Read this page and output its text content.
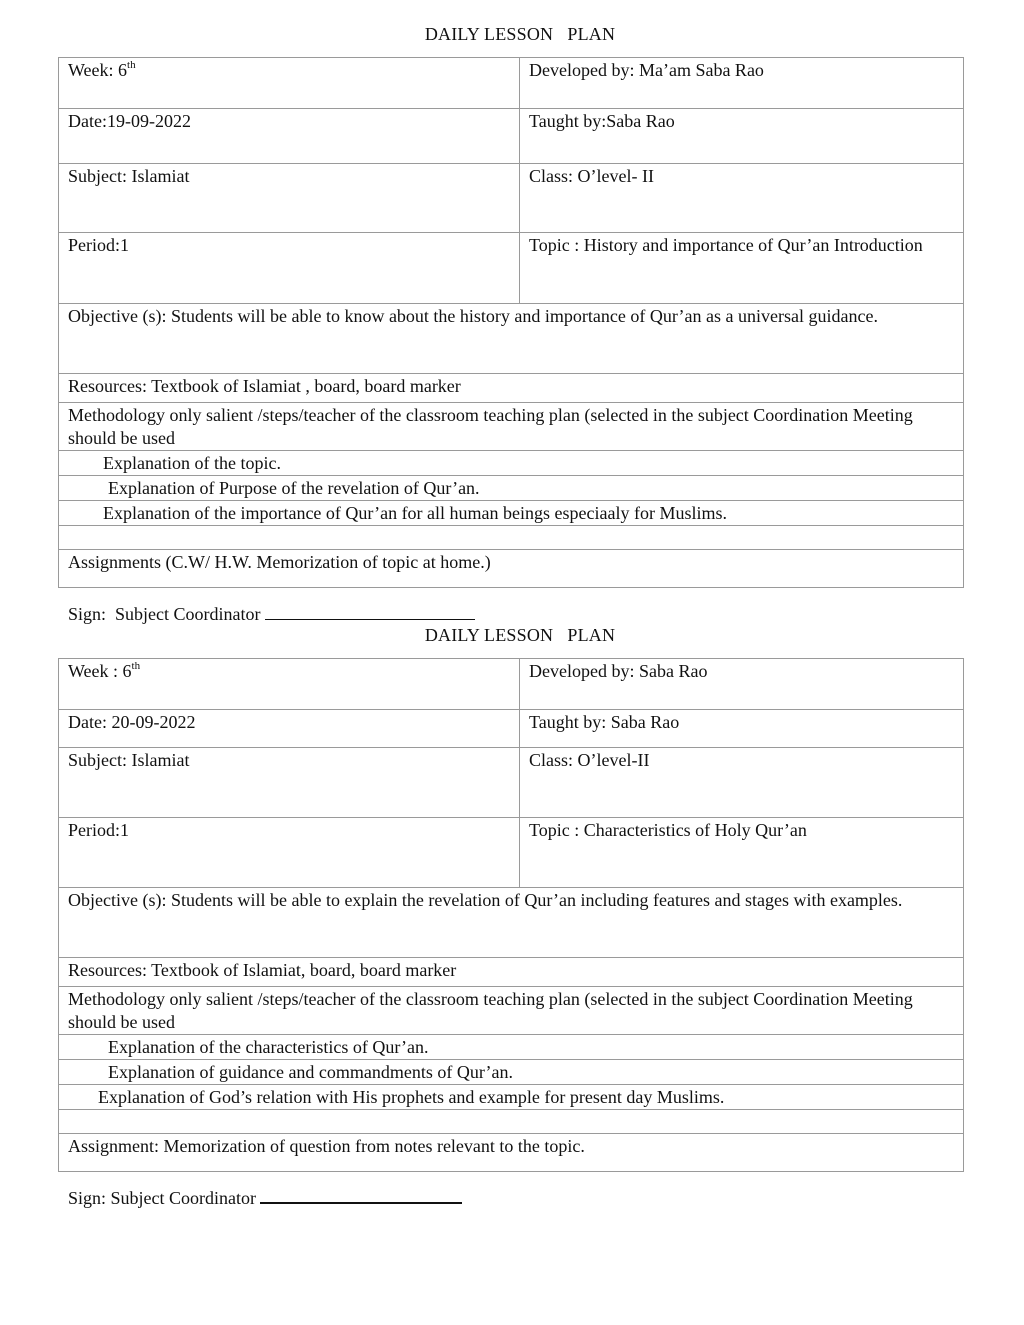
DAILY LESSON   PLAN
Week: 6th	Developed by: Ma’am Saba Rao
Date:19-09-2022	Taught by:Saba Rao
Subject: Islamiat	Class: O’level- II
Period:1	Topic : History and importance of Qur’an Introduction
Objective (s): Students will be able to know about the history and importance of Qur’an as a universal guidance.	
Resources: Textbook of Islamiat , board, board marker	
Methodology only salient /steps/teacher of the classroom teaching plan (selected in the subject Coordination Meeting should be used	
Explanation of the topic.	
Explanation of Purpose of the revelation of Qur’an.	
Explanation of the importance of Qur’an for all human beings especiaaly for Muslims.	

Assignments (C.W/ H.W. Memorization of topic at home.)	
Sign:  Subject Coordinator
DAILY LESSON   PLAN
Week : 6th	Developed by: Saba Rao
Date: 20-09-2022	Taught by: Saba Rao
Subject: Islamiat	Class: O’level-II
Period:1	Topic : Characteristics of Holy Qur’an
Objective (s): Students will be able to explain the revelation of Qur’an including features and stages with examples.	
Resources: Textbook of Islamiat, board, board marker	
Methodology only salient /steps/teacher of the classroom teaching plan (selected in the subject Coordination Meeting should be used	
Explanation of the characteristics of Qur’an.	
Explanation of guidance and commandments of Qur’an.	
Explanation of God’s relation with His prophets and example for present day Muslims.	

Assignment: Memorization of question from notes relevant to the topic.	
Sign: Subject Coordinator
